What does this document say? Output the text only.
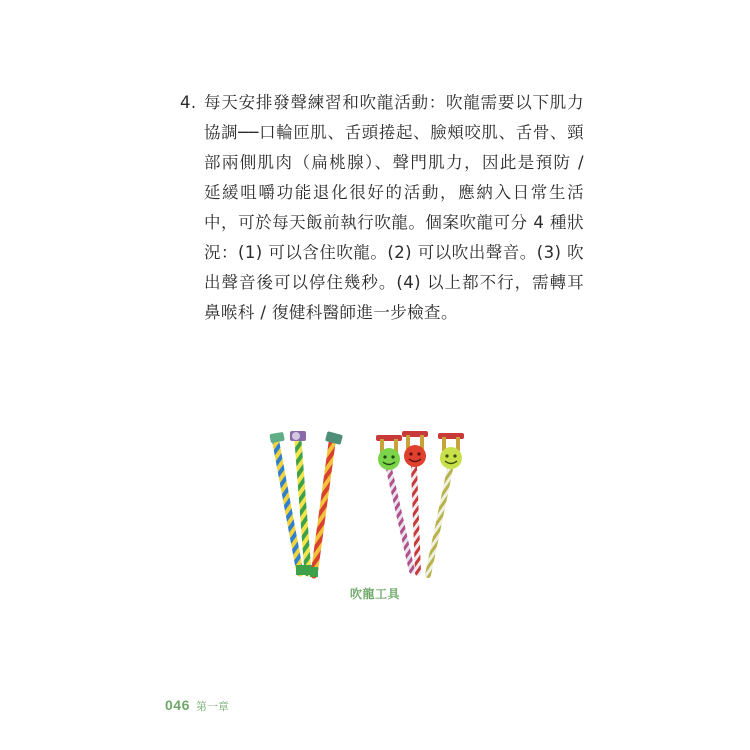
4. 每天安排發聲練習和吹龍活動：吹龍需要以下肌力協調──口輪匝肌、舌頭捲起、臉頰咬肌、舌骨、頸部兩側肌肉（扁桃腺）、聲門肌力，因此是預防 / 延緩咀嚼功能退化很好的活動，應納入日常生活中，可於每天飯前執行吹龍。個案吹龍可分 4 種狀況：(1) 可以含住吹龍。(2) 可以吹出聲音。(3) 吹出聲音後可以停住幾秒。(4) 以上都不行，需轉耳鼻喉科 / 復健科醫師進一步檢查。
吹龍工具
046 第一章
